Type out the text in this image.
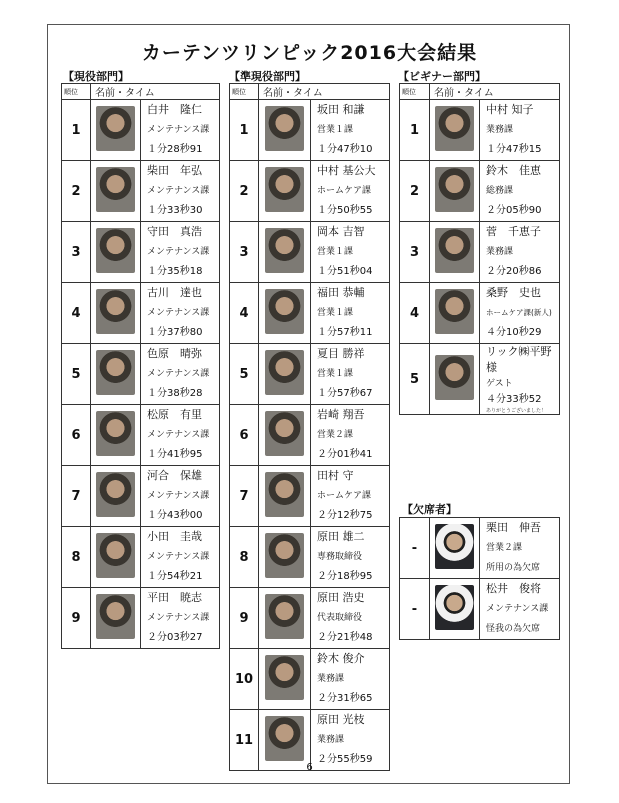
カーテンツリンピック2016大会結果
【現役部門】	【準現役部門】	【ビギナー部門】
【欠席者】
順位	名前・タイム	
1		白井　隆仁
メンテナンス課
１分28秒91

2		柴田　年弘
メンテナンス課
１分33秒30

3		守田　真浩
メンテナンス課
１分35秒18

4		古川　達也
メンテナンス課
１分37秒80

5		色原　晴弥
メンテナンス課
１分38秒28

6		松原　有里
メンテナンス課
１分41秒95

7		河合　保雄
メンテナンス課
１分43秒00

8		小田　圭哉
メンテナンス課
１分54秒21

9		平田　暁志
メンテナンス課
２分03秒27
順位	名前・タイム	
1		坂田 和謙
営業１課
１分47秒10

2		中村 基公大
ホームケア課
１分50秒55

3		岡本 吉智
営業１課
１分51秒04

4		福田 恭輔
営業１課
１分57秒11

5		夏目 勝祥
営業１課
１分57秒67

6		岩崎 翔吾
営業２課
２分01秒41

7		田村 守
ホームケア課
２分12秒75

8		原田 雄二
専務取締役
２分18秒95

9		原田 浩史
代表取締役
２分21秒48

10		鈴木 俊介
業務課
２分31秒65

11		原田 光枝
業務課
２分55秒59
順位	名前・タイム	
1		中村 知子
業務課
１分47秒15

2		鈴木　佳恵
総務課
２分05秒90

3		菅　千恵子
業務課
２分20秒86

4		桑野　史也
ホームケア課(新人)
４分10秒29

5		リック㈱平野様
ゲスト
４分33秒52
ありがとうございました！
-		栗田　伸吾
営業２課
所用の為欠席

-		松井　俊将
メンテナンス課
怪我の為欠席
6
